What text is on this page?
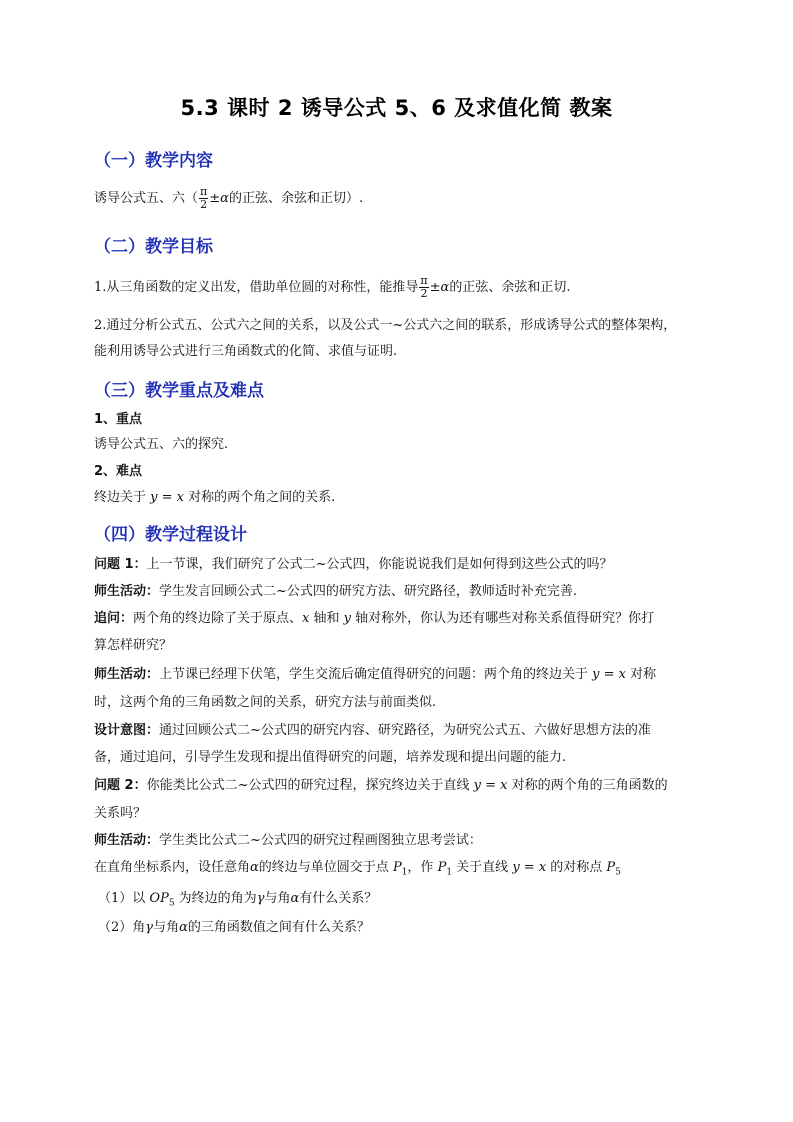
5.3 课时 2 诱导公式 5、6 及求值化简 教案
（一）教学内容
诱导公式五、六（ $\frac{\pi}{2} \pm\alpha$的正弦、余弦和正切）.
（二）教学目标
1.从三角函数的定义出发，借助单位圆的对称性，能推导 $\frac{\pi}{2} \pm\alpha$的正弦、余弦和正切.
2.通过分析公式五、公式六之间的关系，以及公式一~公式六之间的联系，形成诱导公式的整体架构，
能利用诱导公式进行三角函数式的化简、求值与证明.
（三）教学重点及难点
1、重点
诱导公式五、六的探究.
2、难点
终边关于 y = x 对称的两个角之间的关系.
（四）教学过程设计
问题 1：上一节课，我们研究了公式二~公式四，你能说说我们是如何得到这些公式的吗？
师生活动：学生发言回顾公式二~公式四的研究方法、研究路径，教师适时补充完善.
追问：两个角的终边除了关于原点、x 轴和 y 轴对称外，你认为还有哪些对称关系值得研究？你打
算怎样研究？
师生活动：上节课已经理下伏笔，学生交流后确定值得研究的问题：两个角的终边关于 y = x 对称
时，这两个角的三角函数之间的关系，研究方法与前面类似.
设计意图：通过回顾公式二~公式四的研究内容、研究路径，为研究公式五、六做好思想方法的准
备，通过追问，引导学生发现和提出值得研究的问题，培养发现和提出问题的能力.
问题 2：你能类比公式二~公式四的研究过程，探究终边关于直线 y = x 对称的两个角的三角函数的
关系吗？
师生活动：学生类比公式二~公式四的研究过程画图独立思考尝试：
在直角坐标系内，设任意角α的终边与单位圆交于点 $P_1$，作 $P_1$ 关于直线 y = x 的对称点 $P_5$
（1）以 $OP_5$ 为终边的角为γ与角α有什么关系？
（2）角γ与角α的三角函数值之间有什么关系？
